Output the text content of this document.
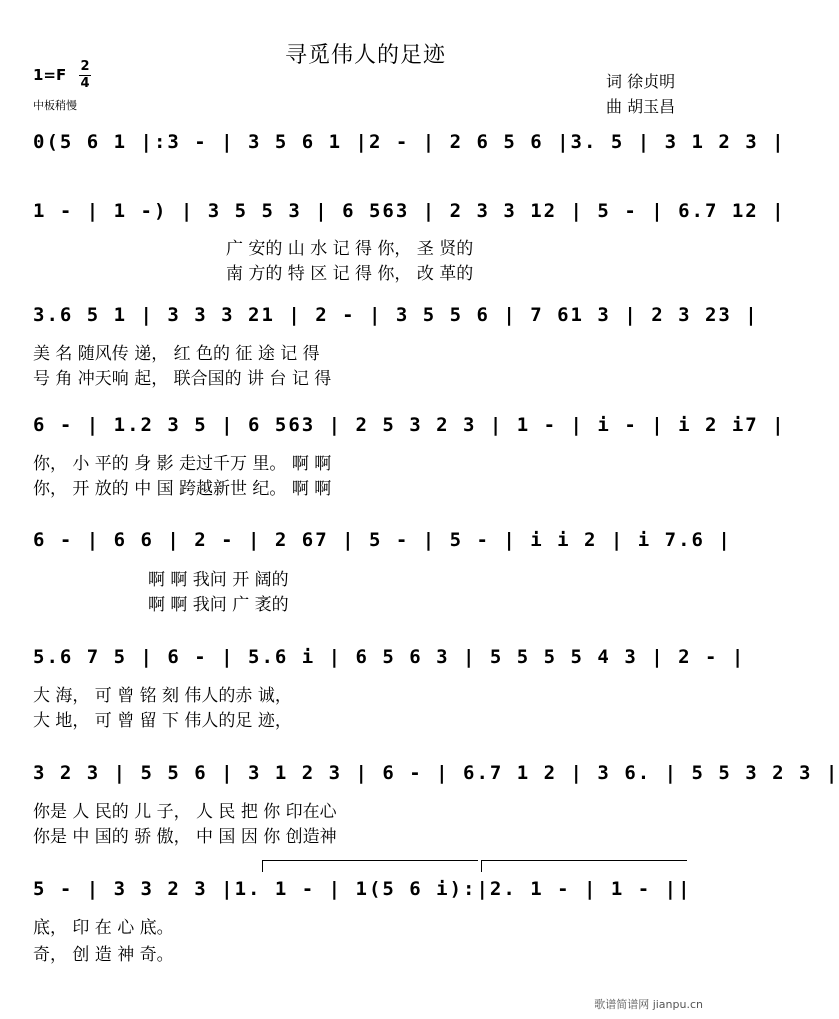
寻觅伟人的足迹
1=F 2
4
中板稍慢
词 徐贞明
曲 胡玉昌
0(5 6 1 |:3 - | 3 5 6 1 |2 - | 2 6 5 6 |3. 5 | 3 1 2 3 |
1 - | 1 -) | 3 5 5 3 | 6 563 | 2 3 3 12 | 5 - | 6.7 12 |
广 安的 山 水 记 得 你， 圣 贤的
南 方的 特 区 记 得 你， 改 革的
3.6 5 1 | 3 3 3 21 | 2 - | 3 5 5 6 | 7 61 3 | 2 3 23 |
美 名 随风传 递， 红 色的 征 途 记 得
号 角 冲天响 起， 联合国的 讲 台 记 得
6 - | 1.2 3 5 | 6 563 | 2 5 3 2 3 | 1 - | i - | i 2 i7 |
你， 小 平的 身 影 走过千万 里。 啊 啊
你， 开 放的 中 国 跨越新世 纪。 啊 啊
6 - | 6 6 | 2 - | 2 67 | 5 - | 5 - | i i 2 | i 7.6 |
啊 啊 我问 开 阔的
啊 啊 我问 广 袤的
5.6 7 5 | 6 - | 5.6 i | 6 5 6 3 | 5 5 5 5 4 3 | 2 - |
大 海， 可 曾 铭 刻 伟人的赤 诚，
大 地， 可 曾 留 下 伟人的足 迹，
3 2 3 | 5 5 6 | 3 1 2 3 | 6 - | 6.7 1 2 | 3 6. | 5 5 3 2 3 |
你是 人 民的 儿 子， 人 民 把 你 印在心
你是 中 国的 骄 傲， 中 国 因 你 创造神
5 - | 3 3 2 3 |1. 1 - | 1(5 6 i):|2. 1 - | 1 - ||
底， 印 在 心 底。
奇， 创 造 神 奇。
歌谱简谱网 jianpu.cn
